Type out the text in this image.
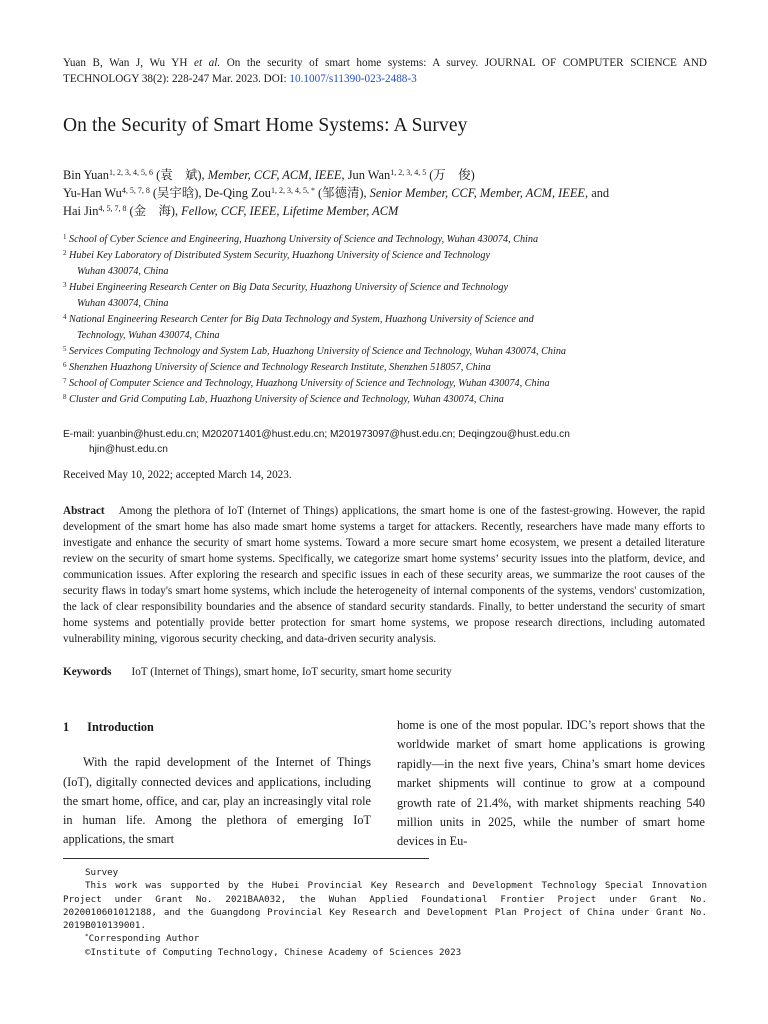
Yuan B, Wan J, Wu YH et al. On the security of smart home systems: A survey. JOURNAL OF COMPUTER SCIENCE AND TECHNOLOGY 38(2): 228-247 Mar. 2023. DOI: 10.1007/s11390-023-2488-3
On the Security of Smart Home Systems: A Survey
Bin Yuan$^{1, 2, 3, 4, 5, 6}$ (袁　斌), Member, CCF, ACM, IEEE, Jun Wan$^{1, 2, 3, 4, 5}$ (万　俊)
Yu-Han Wu$^{4, 5, 7, 8}$ (吴宇晗), De-Qing Zou$^{1, 2, 3, 4, 5, *}$ (邹德清), Senior Member, CCF, Member, ACM, IEEE, and
Hai Jin$^{4, 5, 7, 8}$ (金　海), Fellow, CCF, IEEE, Lifetime Member, ACM
$^1$ School of Cyber Science and Engineering, Huazhong University of Science and Technology, Wuhan 430074, China
$^2$ Hubei Key Laboratory of Distributed System Security, Huazhong University of Science and Technology
Wuhan 430074, China
$^3$ Hubei Engineering Research Center on Big Data Security, Huazhong University of Science and Technology
Wuhan 430074, China
$^4$ National Engineering Research Center for Big Data Technology and System, Huazhong University of Science and
Technology, Wuhan 430074, China
$^5$ Services Computing Technology and System Lab, Huazhong University of Science and Technology, Wuhan 430074, China
$^6$ Shenzhen Huazhong University of Science and Technology Research Institute, Shenzhen 518057, China
$^7$ School of Computer Science and Technology, Huazhong University of Science and Technology, Wuhan 430074, China
$^8$ Cluster and Grid Computing Lab, Huazhong University of Science and Technology, Wuhan 430074, China
E-mail: yuanbin@hust.edu.cn; M202071401@hust.edu.cn; M201973097@hust.edu.cn; Deqingzou@hust.edu.cn
hjin@hust.edu.cn
Received May 10, 2022; accepted March 14, 2023.
Abstract Among the plethora of IoT (Internet of Things) applications, the smart home is one of the fastest-growing. However, the rapid development of the smart home has also made smart home systems a target for attackers. Recently, researchers have made many efforts to investigate and enhance the security of smart home systems. Toward a more secure smart home ecosystem, we present a detailed literature review on the security of smart home systems. Specifically, we categorize smart home systems’ security issues into the platform, device, and communication issues. After exploring the research and specific issues in each of these security areas, we summarize the root causes of the security flaws in today's smart home systems, which include the heterogeneity of internal components of the systems, vendors' customization, the lack of clear responsibility boundaries and the absence of standard security standards. Finally, to better understand the security of smart home systems and potentially provide better protection for smart home systems, we propose research directions, including automated vulnerability mining, vigorous security checking, and data-driven security analysis.
Keywords IoT (Internet of Things), smart home, IoT security, smart home security
1 Introduction
With the rapid development of the Internet of Things (IoT), digitally connected devices and applications, including the smart home, office, and car, play an increasingly vital role in human life. Among the plethora of emerging IoT applications, the smart
home is one of the most popular. IDC’s report shows that the worldwide market of smart home applications is growing rapidly—in the next five years, China’s smart home devices market shipments will continue to grow at a compound growth rate of 21.4%, with market shipments reaching 540 million units in 2025, while the number of smart home devices in Eu-
Survey
This work was supported by the Hubei Provincial Key Research and Development Technology Special Innovation Project under Grant No. 2021BAA032, the Wuhan Applied Foundational Frontier Project under Grant No. 2020010601012188, and the Guangdong Provincial Key Research and Development Plan Project of China under Grant No. 2019B010139001.
*Corresponding Author
©Institute of Computing Technology, Chinese Academy of Sciences 2023
